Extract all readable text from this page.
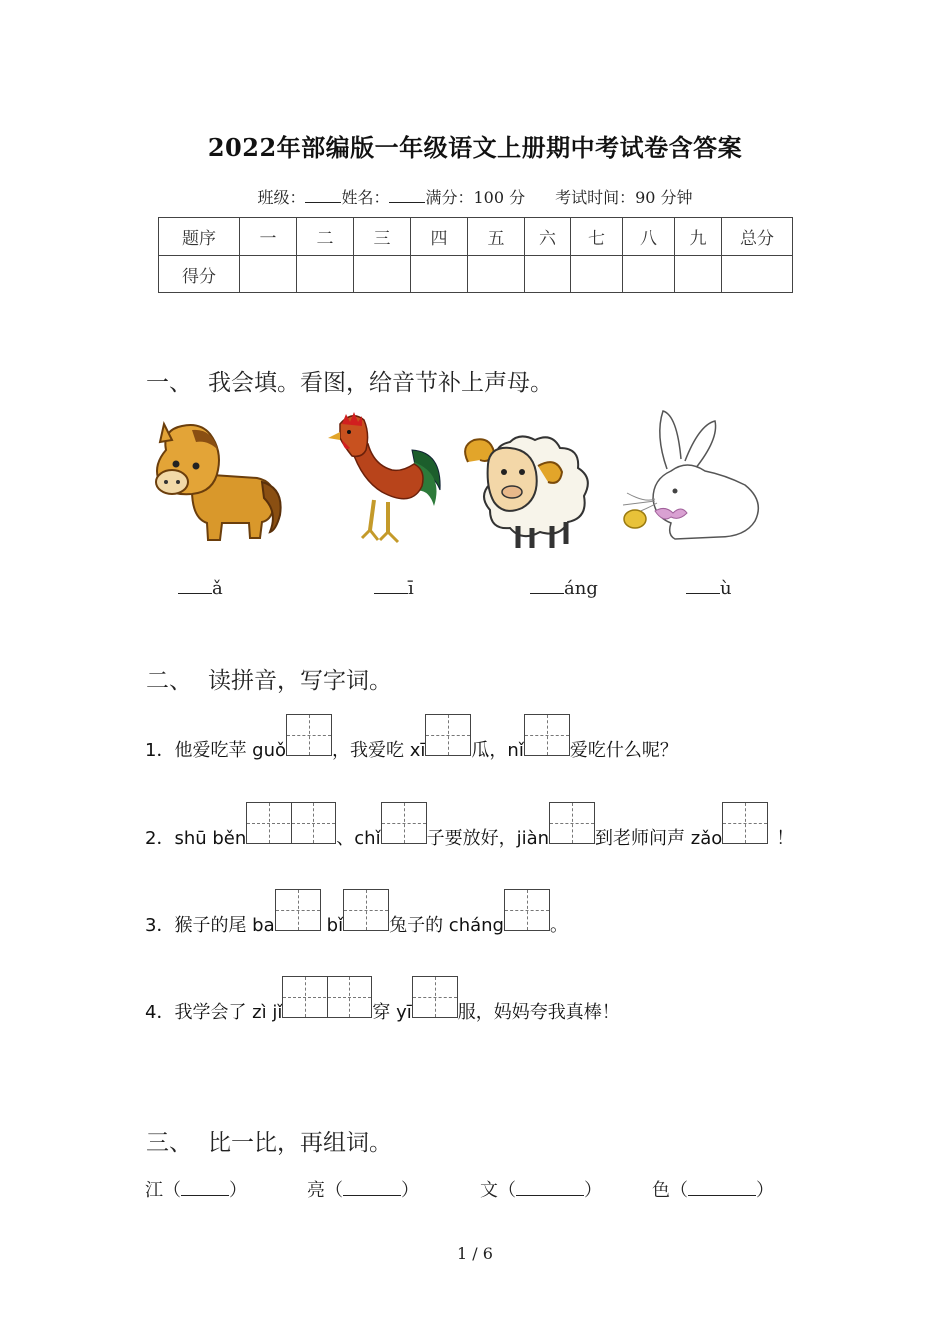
2022年部编版一年级语文上册期中考试卷含答案
班级： 姓名： 满分：100 分 考试时间：90 分钟
题序	一	二	三	四	五	六	七	八	九	总分
得分										
一、 我会填。看图，给音节补上声母。
ǎ	ī	áng	ù
二、 读拼音，写字词。
1．他爱吃苹 guǒ	，我爱吃 xī	瓜，nǐ	爱吃什么呢？
2．shū běn	、chǐ	子要放好，jiàn	到老师问声 zǎo	！
3．猴子的尾 ba	bǐ	兔子的 cháng	。
4．我学会了 zì jǐ	穿 yī	服，妈妈夸我真棒！
三、 比一比，再组词。
江（	）	亮（	）	文（	）	色（	）
1 / 6
